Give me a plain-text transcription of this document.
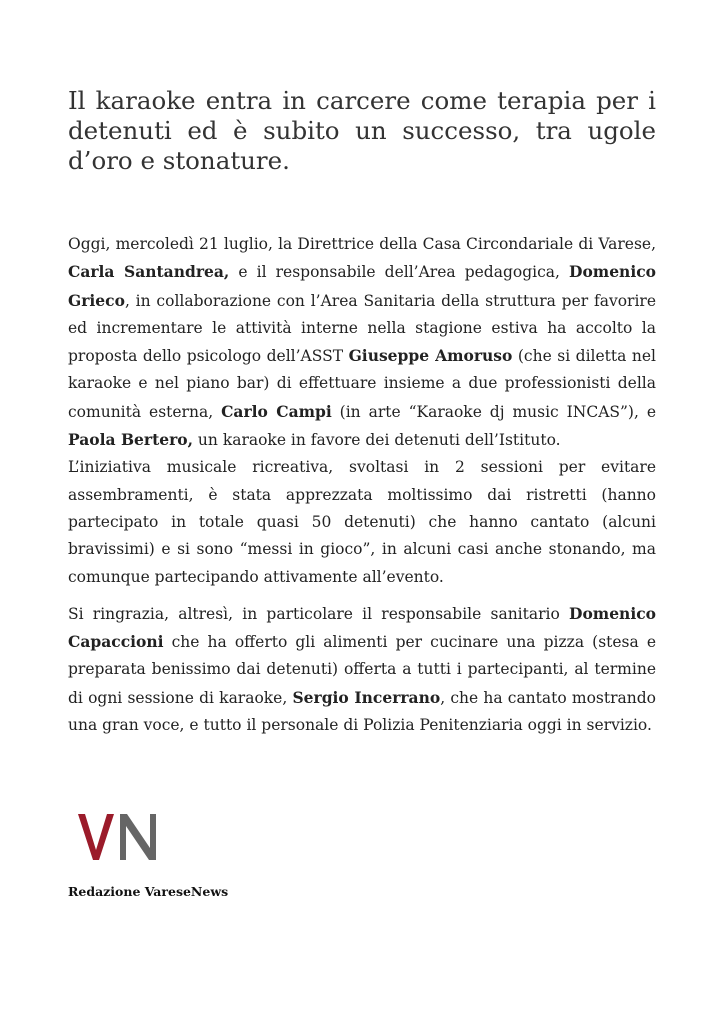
Il karaoke entra in carcere come terapia per i detenuti ed è subito un successo, tra ugole d’oro e stonature.

Oggi, mercoledì 21 luglio, la Direttrice della Casa Circondariale di Varese, Carla Santandrea, e il responsabile dell’Area pedagogica, Domenico Grieco, in collaborazione con l’Area Sanitaria della struttura per favorire ed incrementare le attività interne nella stagione estiva ha accolto la proposta dello psicologo dell’ASST Giuseppe Amoruso (che si diletta nel karaoke e nel piano bar) di effettuare insieme a due professionisti della comunità esterna, Carlo Campi (in arte “Karaoke dj music INCAS”), e Paola Bertero, un karaoke in favore dei detenuti dell’Istituto.

L’iniziativa musicale ricreativa, svoltasi in 2 sessioni per evitare assembramenti, è stata apprezzata moltissimo dai ristretti (hanno partecipato in totale quasi 50 detenuti) che hanno cantato (alcuni bravissimi) e si sono “messi in gioco”, in alcuni casi anche stonando, ma comunque partecipando attivamente all’evento.

Si ringrazia, altresì, in particolare il responsabile sanitario Domenico Capaccioni che ha offerto gli alimenti per cucinare una pizza (stesa e preparata benissimo dai detenuti) offerta a tutti i partecipanti, al termine di ogni sessione di karaoke, Sergio Incerrano, che ha cantato mostrando una gran voce, e tutto il personale di Polizia Penitenziaria oggi in servizio.

Redazione VareseNews
